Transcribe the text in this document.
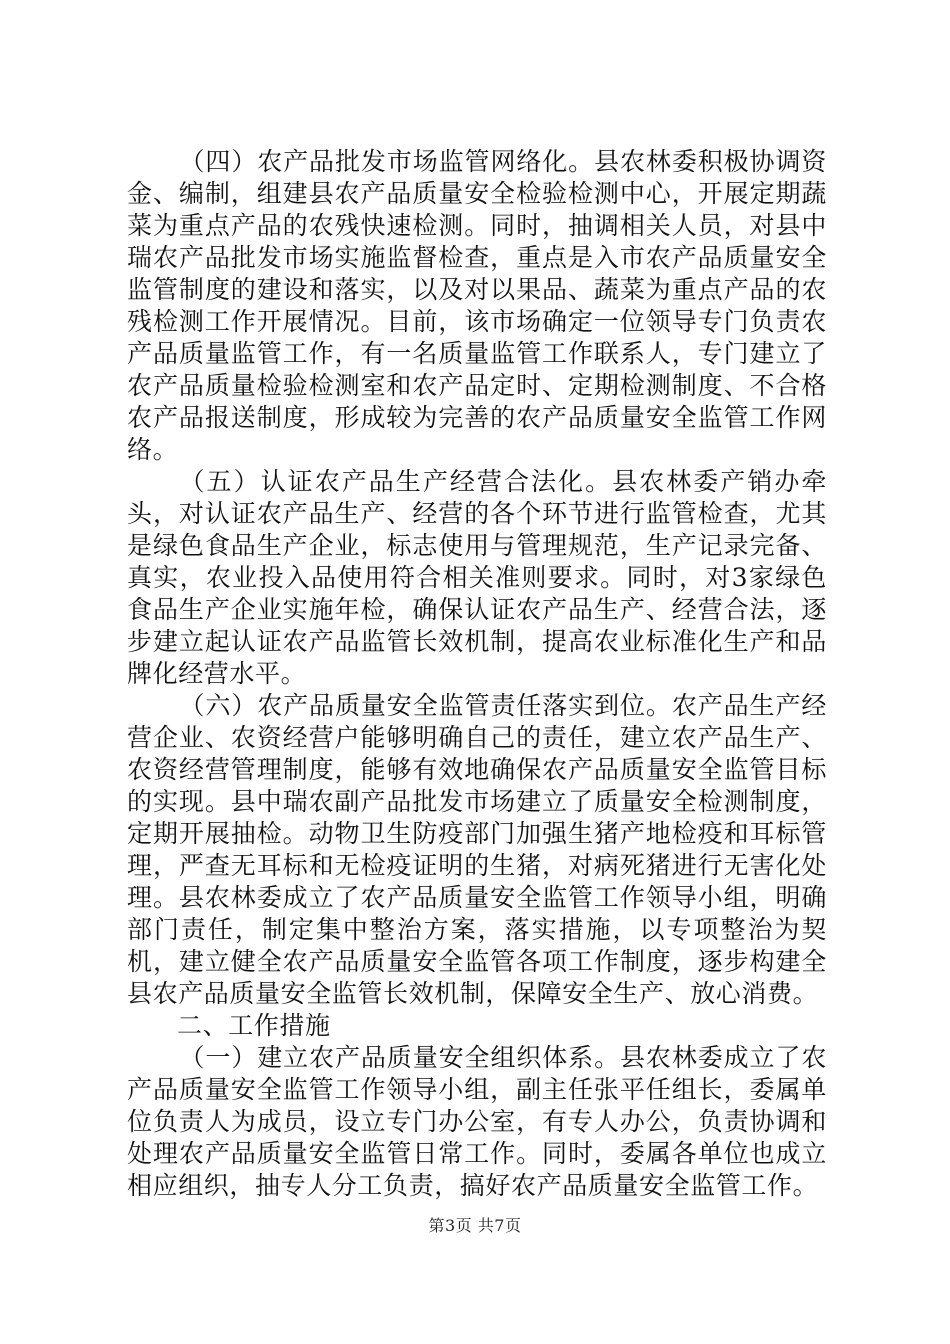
（四）农产品批发市场监管网络化。县农林委积极协调资金、编制，组建县农产品质量安全检验检测中心，开展定期蔬菜为重点产品的农残快速检测。同时，抽调相关人员，对县中瑞农产品批发市场实施监督检查，重点是入市农产品质量安全监管制度的建设和落实，以及对以果品、蔬菜为重点产品的农残检测工作开展情况。目前，该市场确定一位领导专门负责农产品质量监管工作，有一名质量监管工作联系人，专门建立了农产品质量检验检测室和农产品定时、定期检测制度、不合格农产品报送制度，形成较为完善的农产品质量安全监管工作网络。

（五）认证农产品生产经营合法化。县农林委产销办牵头，对认证农产品生产、经营的各个环节进行监管检查，尤其是绿色食品生产企业，标志使用与管理规范，生产记录完备、真实，农业投入品使用符合相关准则要求。同时，对3家绿色食品生产企业实施年检，确保认证农产品生产、经营合法，逐步建立起认证农产品监管长效机制，提高农业标准化生产和品牌化经营水平。

（六）农产品质量安全监管责任落实到位。农产品生产经营企业、农资经营户能够明确自己的责任，建立农产品生产、农资经营管理制度，能够有效地确保农产品质量安全监管目标的实现。县中瑞农副产品批发市场建立了质量安全检测制度，定期开展抽检。动物卫生防疫部门加强生猪产地检疫和耳标管理，严查无耳标和无检疫证明的生猪，对病死猪进行无害化处理。县农林委成立了农产品质量安全监管工作领导小组，明确部门责任，制定集中整治方案，落实措施，以专项整治为契机，建立健全农产品质量安全监管各项工作制度，逐步构建全县农产品质量安全监管长效机制，保障安全生产、放心消费。

二、工作措施

（一）建立农产品质量安全组织体系。县农林委成立了农产品质量安全监管工作领导小组，副主任张平任组长，委属单位负责人为成员，设立专门办公室，有专人办公，负责协调和处理农产品质量安全监管日常工作。同时，委属各单位也成立相应组织，抽专人分工负责，搞好农产品质量安全监管工作。

第3页 共7页
